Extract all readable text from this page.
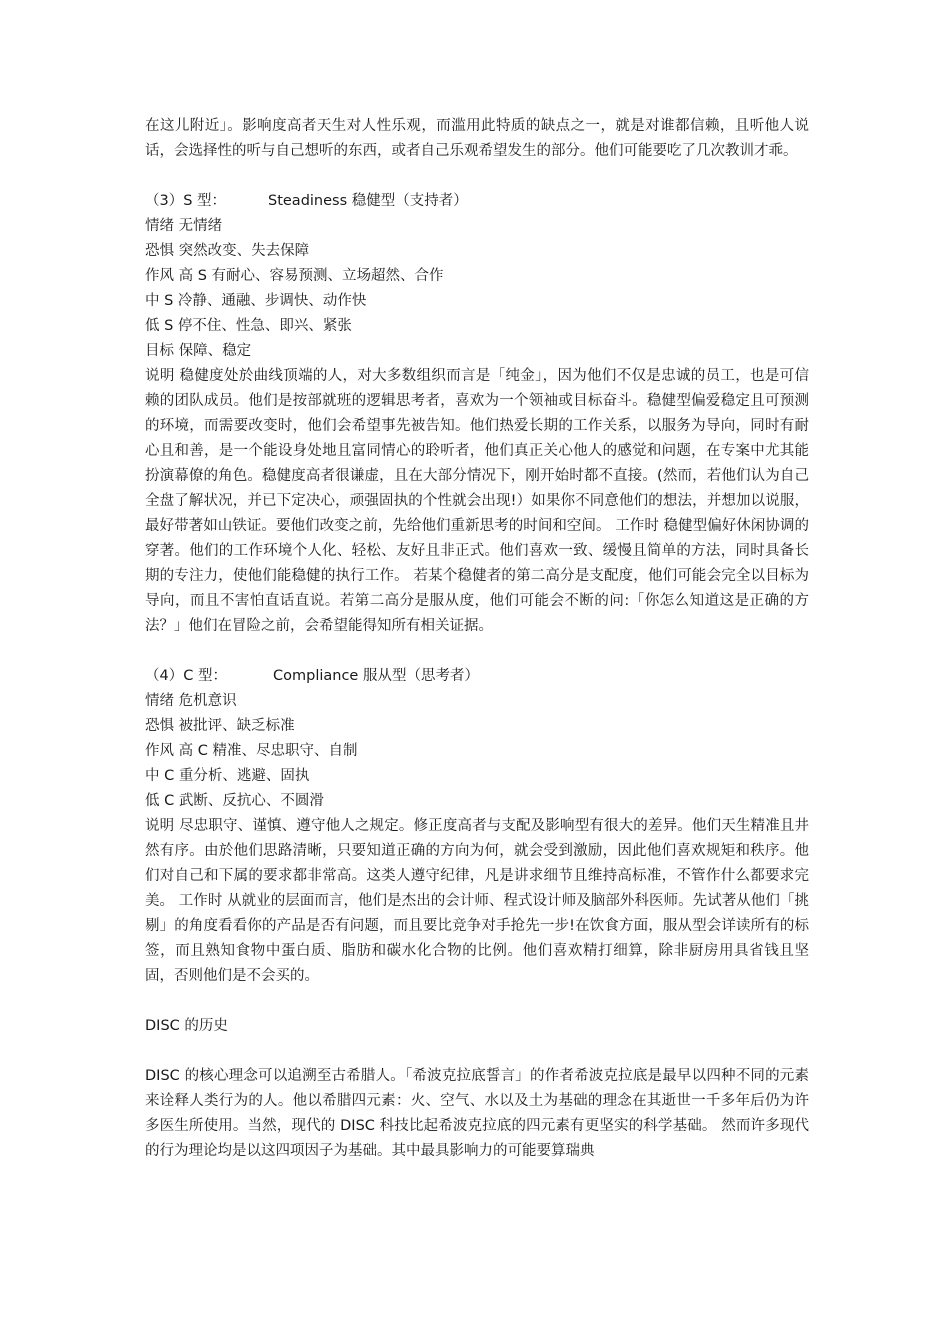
在这儿附近」。影响度高者天生对人性乐观，而滥用此特质的缺点之一，就是对谁都信赖，且听他人说话，会选择性的听与自己想听的东西，或者自己乐观希望发生的部分。他们可能要吃了几次教训才乖。

（3）S 型：	Steadiness 稳健型（支持者）

情绪 无情绪

恐惧 突然改变、失去保障

作风 高 S 有耐心、容易预测、立场超然、合作

中 S 冷静、通融、步调快、动作快

低 S 停不住、性急、即兴、紧张

目标 保障、稳定

说明 稳健度处於曲线顶端的人，对大多数组织而言是「纯金」，因为他们不仅是忠诚的员工，也是可信赖的团队成员。他们是按部就班的逻辑思考者，喜欢为一个领袖或目标奋斗。稳健型偏爱稳定且可预测的环境，而需要改变时，他们会希望事先被告知。他们热爱长期的工作关系，以服务为导向，同时有耐心且和善，是一个能设身处地且富同情心的聆听者，他们真正关心他人的感觉和问题，在专案中尤其能扮演幕僚的角色。稳健度高者很谦虚，且在大部分情况下，刚开始时都不直接。(然而，若他们认为自己全盘了解状况，并已下定决心，顽强固执的个性就会出现!）如果你不同意他们的想法，并想加以说服，最好带著如山铁证。要他们改变之前，先给他们重新思考的时间和空间。 工作时 稳健型偏好休闲协调的穿著。他们的工作环境个人化、轻松、友好且非正式。他们喜欢一致、缓慢且简单的方法，同时具备长期的专注力，使他们能稳健的执行工作。 若某个稳健者的第二高分是支配度，他们可能会完全以目标为导向，而且不害怕直话直说。若第二高分是服从度，他们可能会不断的问:「你怎么知道这是正确的方法？」他们在冒险之前，会希望能得知所有相关证据。

（4）C 型：	Compliance 服从型（思考者）

情绪 危机意识

恐惧 被批评、缺乏标准

作风 高 C 精准、尽忠职守、自制

中 C 重分析、逃避、固执

低 C 武断、反抗心、不圆滑

说明 尽忠职守、谨慎、遵守他人之规定。修正度高者与支配及影响型有很大的差异。他们天生精准且井然有序。由於他们思路清晰，只要知道正确的方向为何，就会受到激励，因此他们喜欢规矩和秩序。他们对自己和下属的要求都非常高。这类人遵守纪律，凡是讲求细节且维持高标准，不管作什么都要求完美。 工作时 从就业的层面而言，他们是杰出的会计师、程式设计师及脑部外科医师。先试著从他们「挑剔」的角度看看你的产品是否有问题，而且要比竞争对手抢先一步!在饮食方面，服从型会详读所有的标签，而且熟知食物中蛋白质、脂肪和碳水化合物的比例。他们喜欢精打细算，除非厨房用具省钱且坚固，否则他们是不会买的。

DISC 的历史

DISC 的核心理念可以追溯至古希腊人。「希波克拉底誓言」的作者希波克拉底是最早以四种不同的元素来诠释人类行为的人。他以希腊四元素：火、空气、水以及土为基础的理念在其逝世一千多年后仍为许多医生所使用。当然，现代的 DISC 科技比起希波克拉底的四元素有更坚实的科学基础。 然而许多现代的行为理论均是以这四项因子为基础。其中最具影响力的可能要算瑞典
